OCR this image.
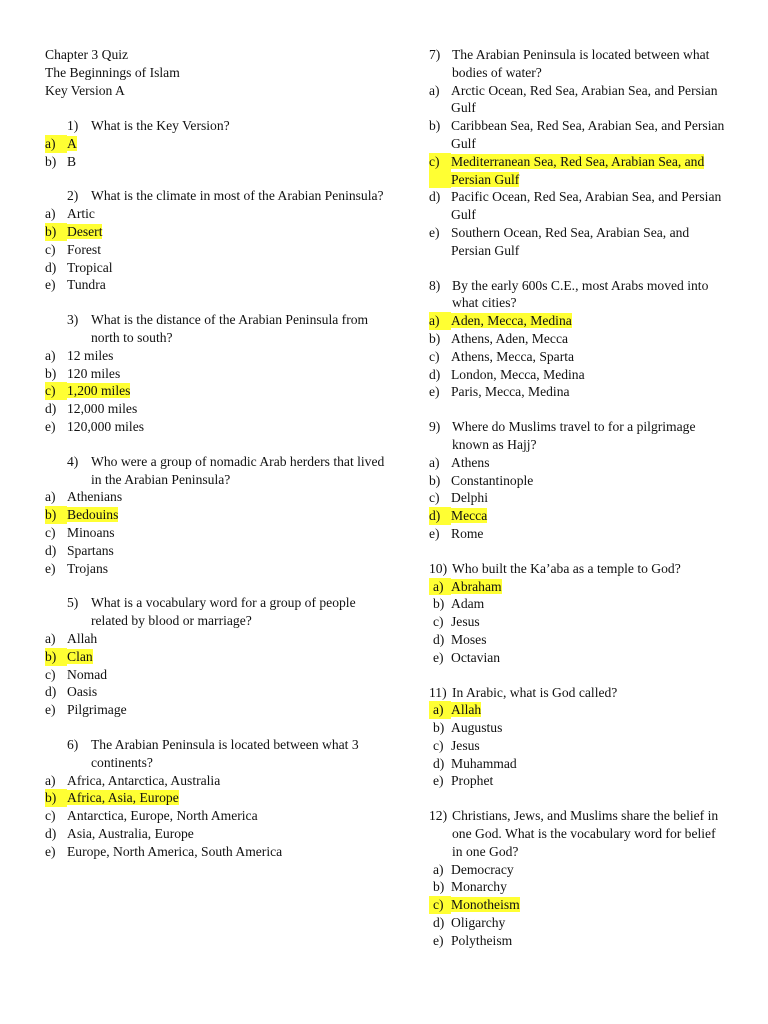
Chapter 3 Quiz
The Beginnings of Islam
Key Version A
1) What is the Key Version?
a) A
b) B
2) What is the climate in most of the Arabian Peninsula?
a) Artic
b) Desert
c) Forest
d) Tropical
e) Tundra
3) What is the distance of the Arabian Peninsula from north to south?
a) 12 miles
b) 120 miles
c) 1,200 miles
d) 12,000 miles
e) 120,000 miles
4) Who were a group of nomadic Arab herders that lived in the Arabian Peninsula?
a) Athenians
b) Bedouins
c) Minoans
d) Spartans
e) Trojans
5) What is a vocabulary word for a group of people related by blood or marriage?
a) Allah
b) Clan
c) Nomad
d) Oasis
e) Pilgrimage
6) The Arabian Peninsula is located between what 3 continents?
a) Africa, Antarctica, Australia
b) Africa, Asia, Europe
c) Antarctica, Europe, North America
d) Asia, Australia, Europe
e) Europe, North America, South America
7) The Arabian Peninsula is located between what bodies of water?
a) Arctic Ocean, Red Sea, Arabian Sea, and Persian Gulf
b) Caribbean Sea, Red Sea, Arabian Sea, and Persian Gulf
c) Mediterranean Sea, Red Sea, Arabian Sea, and Persian Gulf
d) Pacific Ocean, Red Sea, Arabian Sea, and Persian Gulf
e) Southern Ocean, Red Sea, Arabian Sea, and Persian Gulf
8) By the early 600s C.E., most Arabs moved into what cities?
a) Aden, Mecca, Medina
b) Athens, Aden, Mecca
c) Athens, Mecca, Sparta
d) London, Mecca, Medina
e) Paris, Mecca, Medina
9) Where do Muslims travel to for a pilgrimage known as Hajj?
a) Athens
b) Constantinople
c) Delphi
d) Mecca
e) Rome
10) Who built the Ka’aba as a temple to God?
a) Abraham
b) Adam
c) Jesus
d) Moses
e) Octavian
11) In Arabic, what is God called?
a) Allah
b) Augustus
c) Jesus
d) Muhammad
e) Prophet
12) Christians, Jews, and Muslims share the belief in one God. What is the vocabulary word for belief in one God?
a) Democracy
b) Monarchy
c) Monotheism
d) Oligarchy
e) Polytheism
